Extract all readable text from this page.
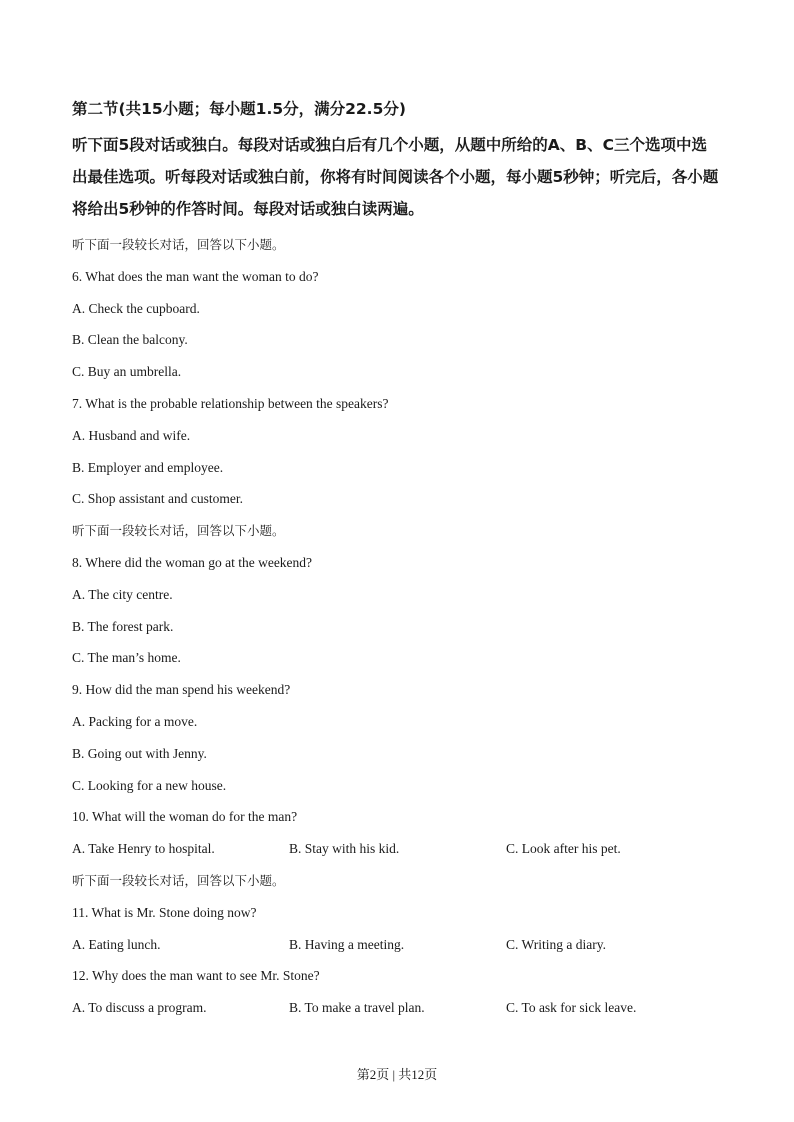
第二节(共15小题；每小题1.5分，满分22.5分)
听下面5段对话或独白。每段对话或独白后有几个小题，从题中所给的A、B、C三个选项中选出最佳选项。听每段对话或独白前，你将有时间阅读各个小题，每小题5秒钟；听完后，各小题将给出5秒钟的作答时间。每段对话或独白读两遍。
听下面一段较长对话，回答以下小题。
6. What does the man want the woman to do?
A. Check the cupboard.
B. Clean the balcony.
C. Buy an umbrella.
7. What is the probable relationship between the speakers?
A. Husband and wife.
B. Employer and employee.
C. Shop assistant and customer.
听下面一段较长对话，回答以下小题。
8. Where did the woman go at the weekend?
A. The city centre.
B. The forest park.
C. The man’s home.
9. How did the man spend his weekend?
A. Packing for a move.
B. Going out with Jenny.
C. Looking for a new house.
10. What will the woman do for the man?
A. Take Henry to hospital.	B. Stay with his kid.	C. Look after his pet.
听下面一段较长对话，回答以下小题。
11. What is Mr. Stone doing now?
A. Eating lunch.	B. Having a meeting.	C. Writing a diary.
12. Why does the man want to see Mr. Stone?
A. To discuss a program.	B. To make a travel plan.	C. To ask for sick leave.
第2页 | 共12页
